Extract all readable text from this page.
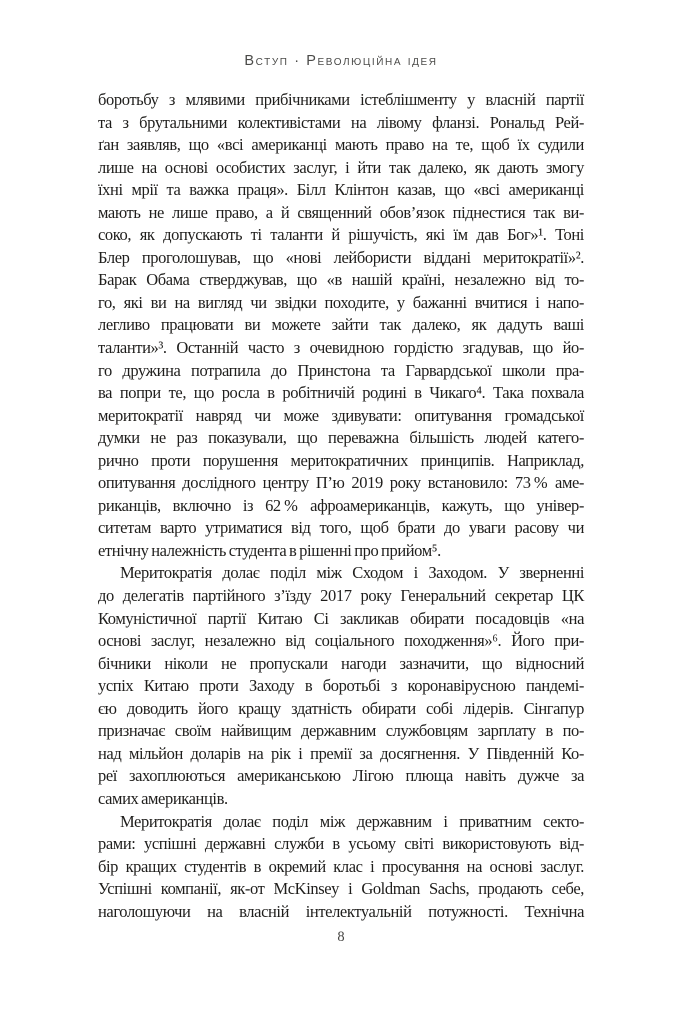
Вступ · Революційна ідея
боротьбу з млявими прибічниками істеблішменту у власній партії
та з брутальними колективістами на лівому фланзі. Рональд Рей-
ґан заявляв, що «всі американці мають право на те, щоб їх судили
лише на основі особистих заслуг, і йти так далеко, як дають змогу
їхні мрії та важка праця». Білл Клінтон казав, що «всі американці
мають не лише право, а й священний обов’язок піднестися так ви-
соко, як допускають ті таланти й рішучість, які їм дав Бог»¹. Тоні
Блер проголошував, що «нові лейбористи віддані меритократії»².
Барак Обама стверджував, що «в нашій країні, незалежно від то-
го, які ви на вигляд чи звідки походите, у бажанні вчитися і напо-
легливо працювати ви можете зайти так далеко, як дадуть ваші
таланти»³. Останній часто з очевидною гордістю згадував, що йо-
го дружина потрапила до Принстона та Гарвардської школи пра-
ва попри те, що росла в робітничій родині в Чикаго⁴. Така похвала
меритократії навряд чи може здивувати: опитування громадської
думки не раз показували, що переважна більшість людей катего-
рично проти порушення меритократичних принципів. Наприклад,
опитування дослідного центру П’ю 2019 року встановило: 73 % аме-
риканців, включно із 62 % афроамериканців, кажуть, що універ-
ситетам варто утриматися від того, щоб брати до уваги расову чи
етнічну належність студента в рішенні про прийом⁵.
Меритократія долає поділ між Сходом і Заходом. У зверненні
до делегатів партійного з’їзду 2017 року Генеральний секретар ЦК
Комуністичної партії Китаю Сі закликав обирати посадовців «на
основі заслуг, незалежно від соціального походження»⁶. Його при-
бічники ніколи не пропускали нагоди зазначити, що відносний
успіх Китаю проти Заходу в боротьбі з коронавірусною пандемі-
єю доводить його кращу здатність обирати собі лідерів. Сінгапур
призначає своїм найвищим державним службовцям зарплату в по-
над мільйон доларів на рік і премії за досягнення. У Південній Ко-
реї захоплюються американською Лігою плюща навіть дужче за
самих американців.
Меритократія долає поділ між державним і приватним секто-
рами: успішні державні служби в усьому світі використовують від-
бір кращих студентів в окремий клас і просування на основі заслуг.
Успішні компанії, як-от McKinsey і Goldman Sachs, продають себе,
наголошуючи на власній інтелектуальній потужності. Технічна
8
